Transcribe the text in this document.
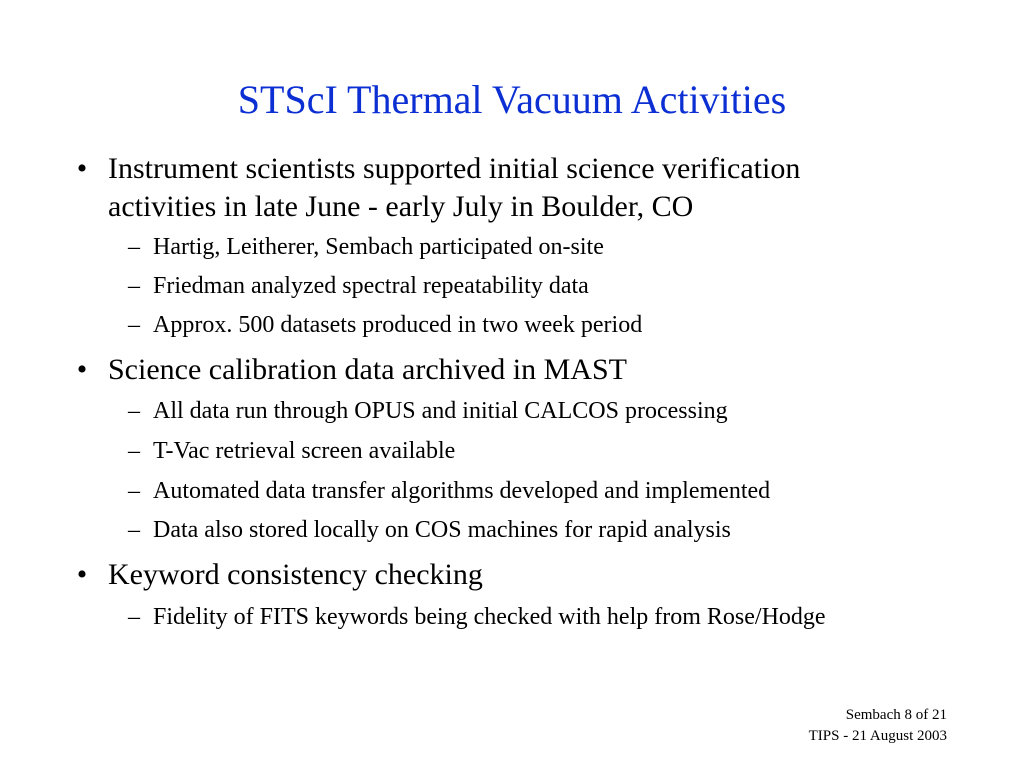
STScI Thermal Vacuum Activities
• Instrument scientists supported initial science verification
activities in late June - early July in Boulder, CO
– Hartig, Leitherer, Sembach participated on-site
– Friedman analyzed spectral repeatability data
– Approx. 500 datasets produced in two week period
• Science calibration data archived in MAST
– All data run through OPUS and initial CALCOS processing
– T-Vac retrieval screen available
– Automated data transfer algorithms developed and implemented
– Data also stored locally on COS machines for rapid analysis
• Keyword consistency checking
– Fidelity of FITS keywords being checked with help from Rose/Hodge
Sembach 8 of 21
TIPS - 21 August 2003
